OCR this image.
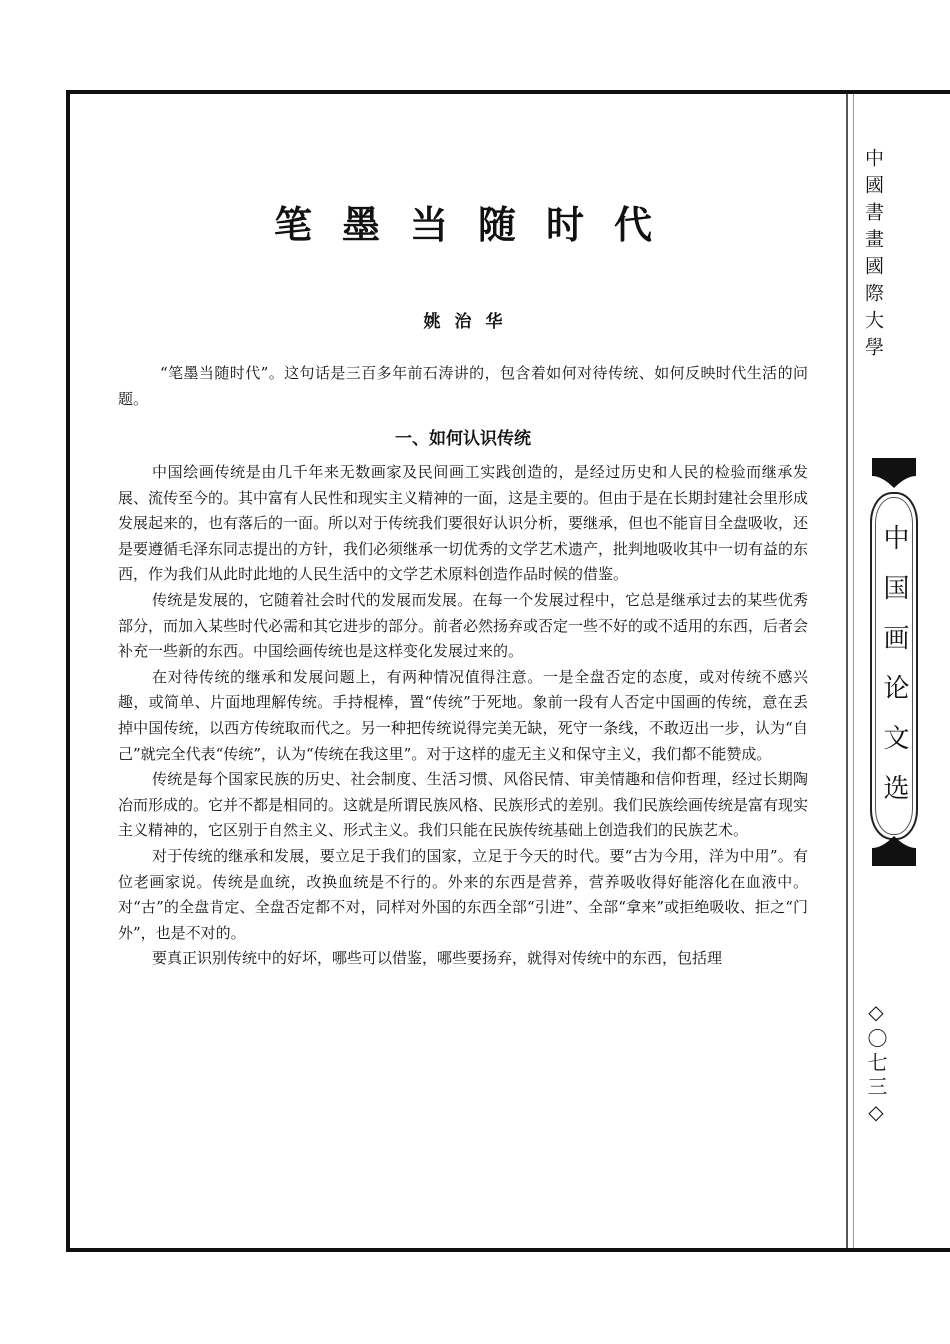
笔墨当随时代
姚治华

“笔墨当随时代”。这句话是三百多年前石涛讲的，包含着如何对待传统、如何反映时代生活的问题。

一、如何认识传统

中国绘画传统是由几千年来无数画家及民间画工实践创造的，是经过历史和人民的检验而继承发展、流传至今的。其中富有人民性和现实主义精神的一面，这是主要的。但由于是在长期封建社会里形成发展起来的，也有落后的一面。所以对于传统我们要很好认识分析，要继承，但也不能盲目全盘吸收，还是要遵循毛泽东同志提出的方针，我们必须继承一切优秀的文学艺术遗产，批判地吸收其中一切有益的东西，作为我们从此时此地的人民生活中的文学艺术原料创造作品时候的借鉴。

传统是发展的，它随着社会时代的发展而发展。在每一个发展过程中，它总是继承过去的某些优秀部分，而加入某些时代必需和其它进步的部分。前者必然扬弃或否定一些不好的或不适用的东西，后者会补充一些新的东西。中国绘画传统也是这样变化发展过来的。

在对待传统的继承和发展问题上，有两种情况值得注意。一是全盘否定的态度，或对传统不感兴趣，或简单、片面地理解传统。手持棍棒，置“传统”于死地。象前一段有人否定中国画的传统，意在丢掉中国传统，以西方传统取而代之。另一种把传统说得完美无缺，死守一条线，不敢迈出一步，认为“自己”就完全代表“传统”，认为“传统在我这里”。对于这样的虚无主义和保守主义，我们都不能赞成。

传统是每个国家民族的历史、社会制度、生活习惯、风俗民情、审美情趣和信仰哲理，经过长期陶冶而形成的。它并不都是相同的。这就是所谓民族风格、民族形式的差别。我们民族绘画传统是富有现实主义精神的，它区别于自然主义、形式主义。我们只能在民族传统基础上创造我们的民族艺术。

对于传统的继承和发展，要立足于我们的国家，立足于今天的时代。要“古为今用，洋为中用”。有位老画家说。传统是血统，改换血统是不行的。外来的东西是营养，营养吸收得好能溶化在血液中。对“古”的全盘肯定、全盘否定都不对，同样对外国的东西全部“引进”、全部“拿来”或拒绝吸收、拒之“门外”，也是不对的。

要真正识别传统中的好坏，哪些可以借鉴，哪些要扬弃，就得对传统中的东西，包括理

中國書畫國際大學
中国画论文选
◇〇七三◇
